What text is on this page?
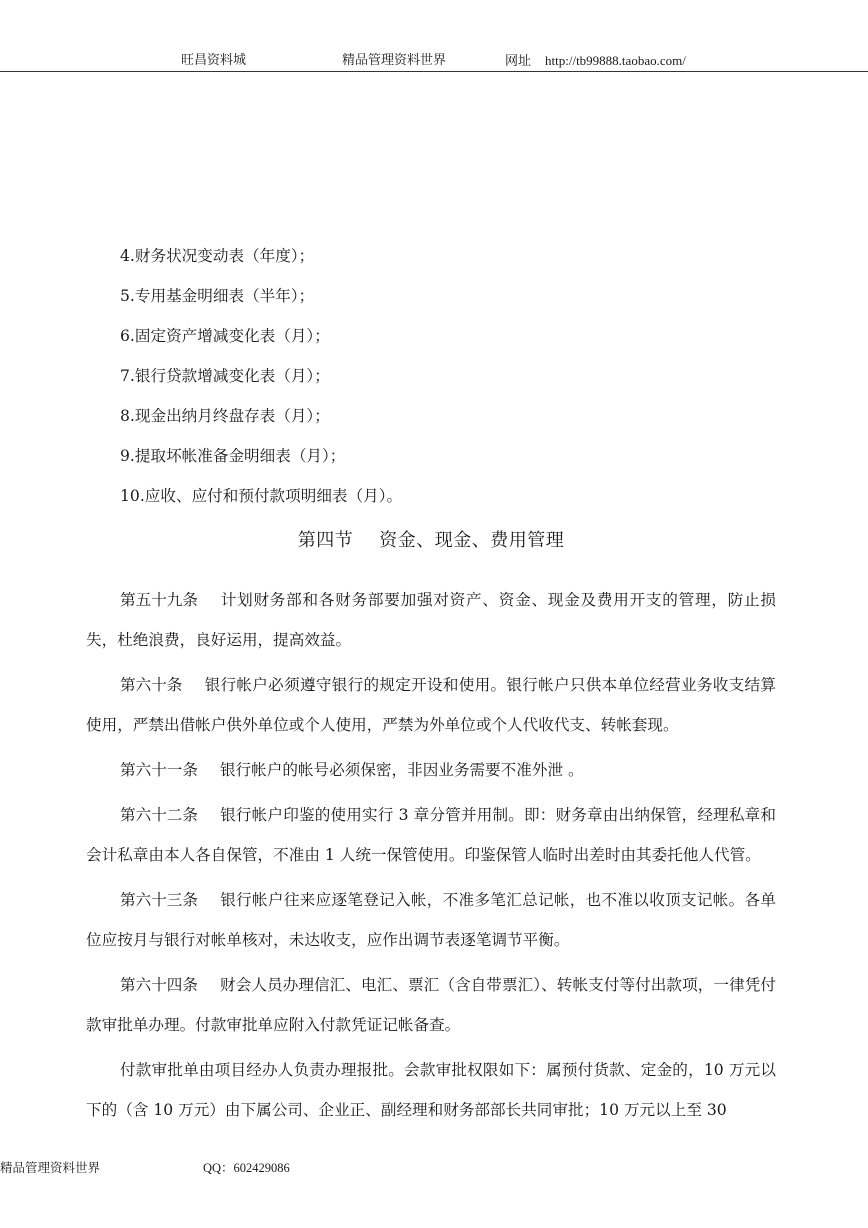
旺昌资料城	精品管理资料世界	网址 http://tb99888.taobao.com/
4.财务状况变动表（年度）；
5.专用基金明细表（半年）；
6.固定资产增减变化表（月）；
7.银行贷款增减变化表（月）；
8.现金出纳月终盘存表（月）；
9.提取坏帐准备金明细表（月）；
10.应收、应付和预付款项明细表（月）。
第四节 资金、现金、费用管理

第五十九条 计划财务部和各财务部要加强对资产、资金、现金及费用开支的管理，防止损失，杜绝浪费，良好运用，提高效益。

第六十条 银行帐户必须遵守银行的规定开设和使用。银行帐户只供本单位经营业务收支结算使用，严禁出借帐户供外单位或个人使用，严禁为外单位或个人代收代支、转帐套现。

第六十一条 银行帐户的帐号必须保密，非因业务需要不准外泄 。

第六十二条 银行帐户印鉴的使用实行 3 章分管并用制。即：财务章由出纳保管，经理私章和会计私章由本人各自保管，不准由 1 人统一保管使用。印鉴保管人临时出差时由其委托他人代管。

第六十三条 银行帐户往来应逐笔登记入帐，不准多笔汇总记帐，也不准以收顶支记帐。各单位应按月与银行对帐单核对，未达收支，应作出调节表逐笔调节平衡。

第六十四条 财会人员办理信汇、电汇、票汇（含自带票汇）、转帐支付等付出款项，一律凭付款审批单办理。付款审批单应附入付款凭证记帐备查。

付款审批单由项目经办人负责办理报批。会款审批权限如下：属预付货款、定金的，10 万元以下的（含 10 万元）由下属公司、企业正、副经理和财务部部长共同审批；10 万元以上至 30

精品管理资料世界	QQ：602429086
